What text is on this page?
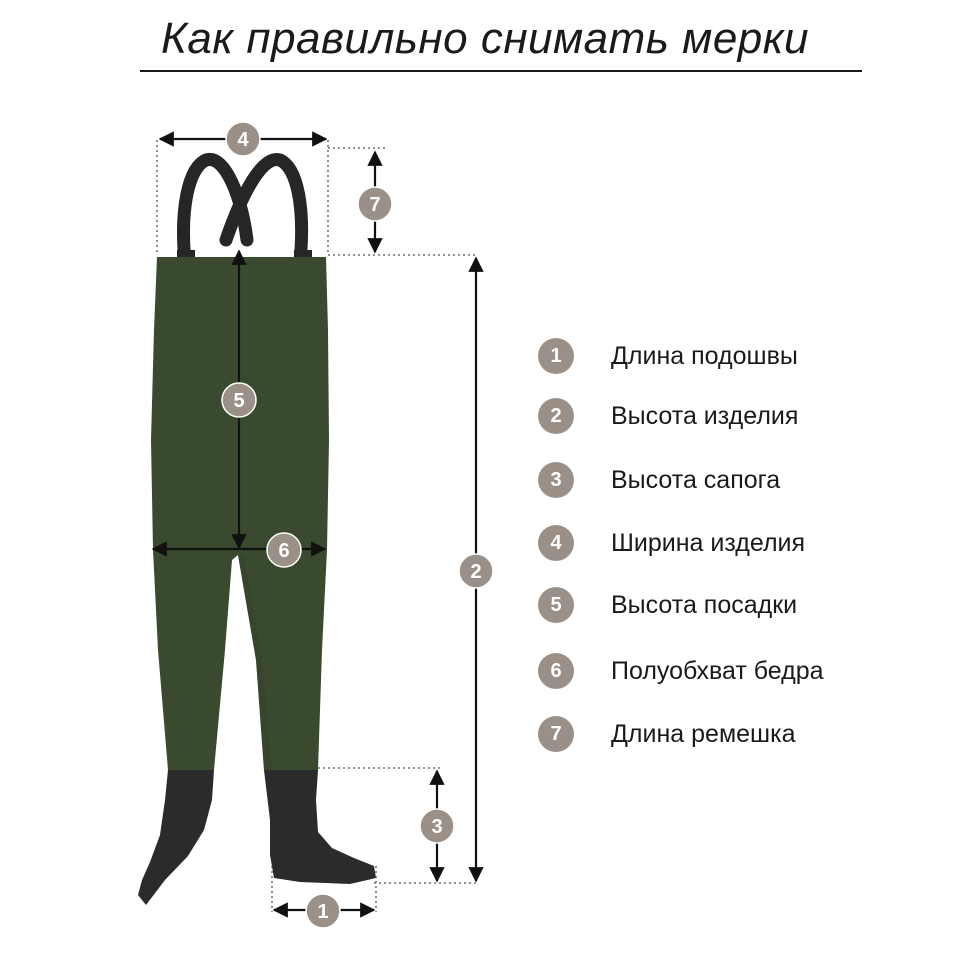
Как правильно снимать мерки
4
7
5
6
2
3
1
1	Длина подошвы
2	Высота изделия
3	Высота сапога
4	Ширина изделия
5	Высота посадки
6	Полуобхват бедра
7	Длина ремешка
